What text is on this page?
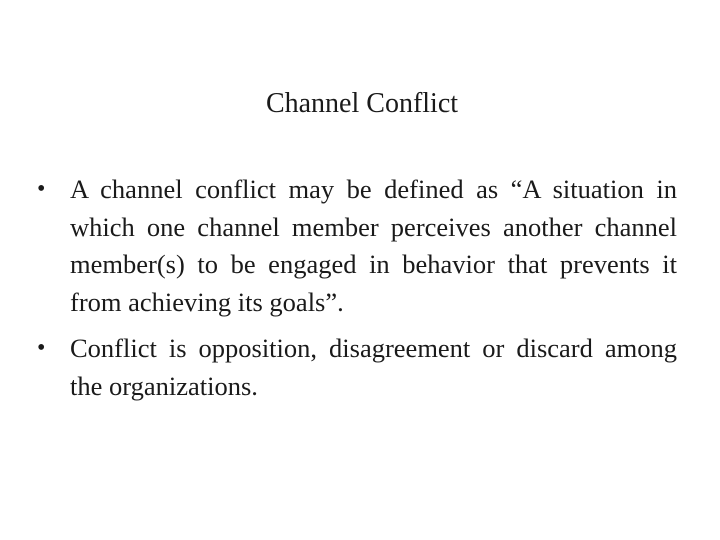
Channel Conflict
• A channel conflict may be defined as “A situation in which one channel member perceives another channel member(s) to be engaged in behavior that prevents it from achieving its goals”.
• Conflict is opposition, disagreement or discard among the organizations.
